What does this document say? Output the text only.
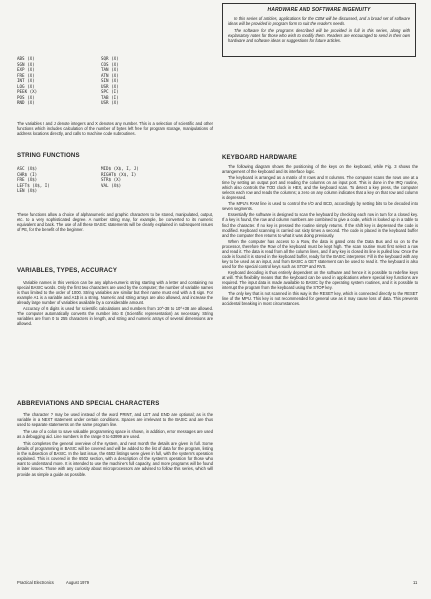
ABS (X)	SQR (X)
SGN (X)	COS (X)
EXP (X)	TAN (X)
FRE (X)	ATN (X)
INT (X)	SIN (X)
LOG (X)	USR (X)
PEEK (X)	SPC (I)
POS (X)	TAB (I)
RND (X)	USR (X)

The variables I and J denote integers and X denotes any number. This is a selection of scientific and other functions which includes calculation of the number of bytes left free for program storage, manipulations of address locations directly, and calls to machine code subroutines.

STRING FUNCTIONS
ASC (X$)	MID$ (X$, I, J)
CHR$ (I)	RIGHT$ (X$, I)
FRE (X$)	STR$ (X)
LEFT$ (X$, I)	VAL (X$)
LEN (X$)

These functions allow a choice of alphanumeric and graphic characters to be stored, manipulated, output, etc. to a very sophisticated degree. A number string may, for example, be converted to its numeric equivalent and back. The use of all these BASIC statements will be clearly explained in subsequent issues of PE, for the benefit of the beginner.

VARIABLES, TYPES, ACCURACY

Variable names in this version can be any alpha-numeric string starting with a letter and containing no special BASIC words. Only the first two characters are used by the computer; the number of variable names is thus limited to the order of 1000. String variables are similar but their name must end with a $ sign. For example A1 is a variable and A1$ is a string. Numeric and string arrays are also allowed, and increase the already large number of variables available by a considerable amount.

Accuracy of 6 digits is used for scientific calculations and numbers from 10^-38 to 10^+38 are allowed. The computer automatically converts the number into E (Scientific representation) as necessary. String variables are from 0 to 255 characters in length, and string and numeric arrays of several dimensions are allowed.

ABBREVIATIONS AND SPECIAL CHARACTERS

The character ? may be used instead of the word PRINT, and LET and END are optional; as is the variable in a NEXT statement under certain conditions. Spaces are irrelevant to the BASIC and are thus used to separate statements on the same program line.

The use of a colon to save valuable programming space is shown, in addition, error messages are used as a debugging aid. Line numbers in the range 0 to 63999 are used.

This completes the general overview of the system, and next month the details are given in full. Some details of programming in BASIC will be covered and will be added to the list of data for the program, listing in the subsection of BASIC. In the last issue, the 6502 listings were given in full, with the system's operation explained. This is covered in the 6502 section, with a description of the system's operation for those who want to understand more. It is intended to use the machine's full capacity, and more programs will be found in later issues. Those with any curiosity about microprocessors are advised to follow this series, which will provide as simple a guide as possible.

HARDWARE AND SOFTWARE INGENUITY

In this series of articles, applications for the CBM will be discussed, and a broad set of software ideas will be provided in program form to suit the reader's needs.

The software for the programs described will be provided in full in this series, along with explanatory notes for those who wish to modify them. Readers are encouraged to send in their own hardware and software ideas or suggestions for future articles.

KEYBOARD HARDWARE

The following diagram shows the positioning of the keys on the keyboard, while Fig. 3 shows the arrangement of the keyboard and its interface logic.

The keyboard is arranged as a matrix of 8 rows and 8 columns. The computer scans the rows one at a time by setting an output port and reading the columns on an input port. This is done in the IRQ routine, which also controls the TOD clock in HEX, and the keyboard scan. To detect a key press, the computer selects each row and reads the columns; a zero on any column indicates that a key on that row and column is depressed.

The MPU's RAM line is used to control the I/O and BCD, accordingly by setting bits to be decoded into seven segments.

Essentially the software is designed to scan the keyboard by checking each row in turn for a closed key. If a key is found, the row and column numbers are combined to give a code, which is looked up in a table to find the character. If no key is pressed the routine simply returns. If the shift key is depressed the code is modified. Keyboard scanning is carried out sixty times a second. The code is placed in the keyboard buffer and the computer then returns to what it was doing previously.

When the computer has access to a Row, the data is gated onto the Data Bus and so on to the processor, therefore the Row of the keyboard must be kept high. The scan routine must first select a row and read it. The data is read from all the column lines, and if any key is closed its line is pulled low. Once the code is found it is stored in the keyboard buffer, ready for the BASIC interpreter. Fill in the keyboard with any key to be used as an input, and from BASIC a GET statement can be used to read it. The keyboard is also used for the special control keys such as STOP and RVS.

Keyboard decoding is thus entirely dependent on the software and hence it is possible to redefine keys at will. This flexibility means that the keyboard can be used in applications where special key functions are required. The input data is made available to BASIC by the operating system routines, and it is possible to interrupt the program from the keyboard using the STOP key.

The only key that is not scanned in this way is the RESET key, which is connected directly to the RESET line of the MPU. This key is not recommended for general use as it may cause loss of data. This prevents accidental breaking in most circumstances.

Practical Electronics	August 1979	11
